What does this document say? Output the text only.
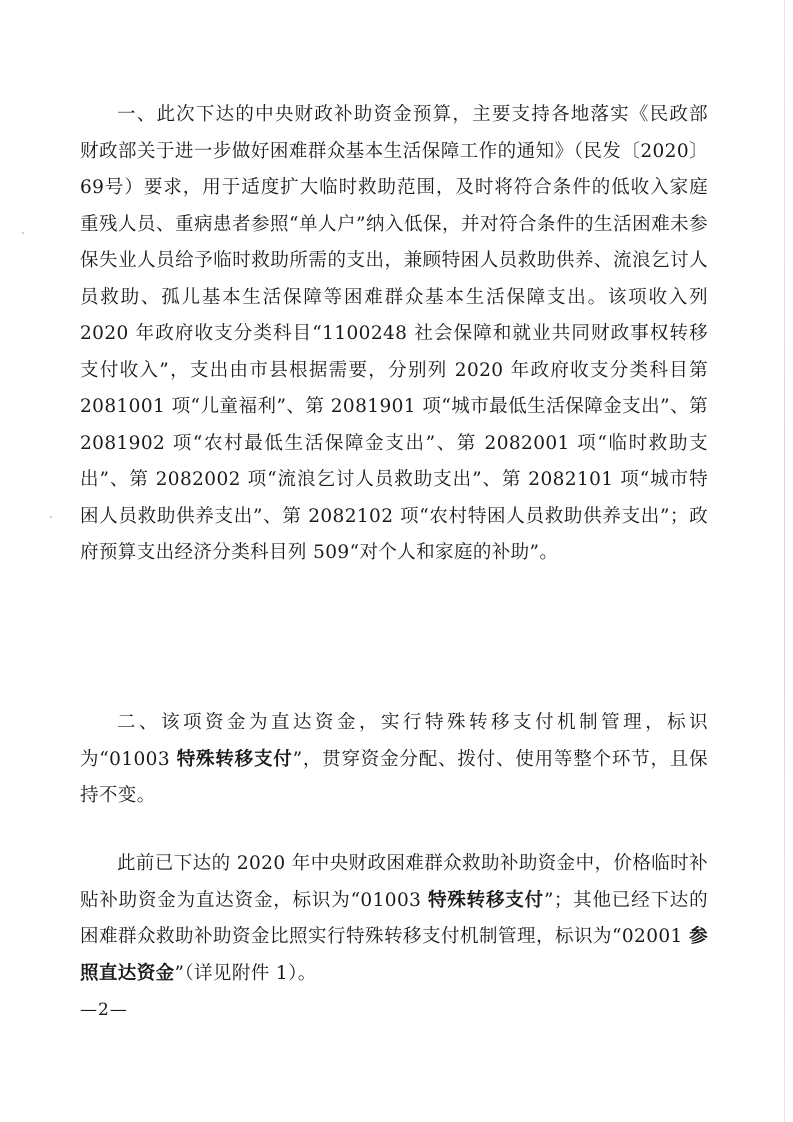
一、此次下达的中央财政补助资金预算，主要支持各地落实《民政部 财政部关于进一步做好困难群众基本生活保障工作的通知》（民发〔2020〕69号）要求，用于适度扩大临时救助范围，及时将符合条件的低收入家庭重残人员、重病患者参照“单人户”纳入低保，并对符合条件的生活困难未参保失业人员给予临时救助所需的支出，兼顾特困人员救助供养、流浪乞讨人员救助、孤儿基本生活保障等困难群众基本生活保障支出。该项收入列 2020 年政府收支分类科目“1100248 社会保障和就业共同财政事权转移支付收入”，支出由市县根据需要，分别列 2020 年政府收支分类科目第 2081001 项“儿童福利”、第 2081901 项“城市最低生活保障金支出”、第 2081902 项“农村最低生活保障金支出”、第 2082001 项“临时救助支出”、第 2082002 项“流浪乞讨人员救助支出”、第 2082101 项“城市特困人员救助供养支出”、第 2082102 项“农村特困人员救助供养支出”；政府预算支出经济分类科目列 509“对个人和家庭的补助”。

二、该项资金为直达资金，实行特殊转移支付机制管理，标识为“01003 特殊转移支付”，贯穿资金分配、拨付、使用等整个环节，且保持不变。

此前已下达的 2020 年中央财政困难群众救助补助资金中，价格临时补贴补助资金为直达资金，标识为“01003 特殊转移支付”；其他已经下达的困难群众救助补助资金比照实行特殊转移支付机制管理，标识为“02001 参照直达资金”（详见附件 1）。

—2—
